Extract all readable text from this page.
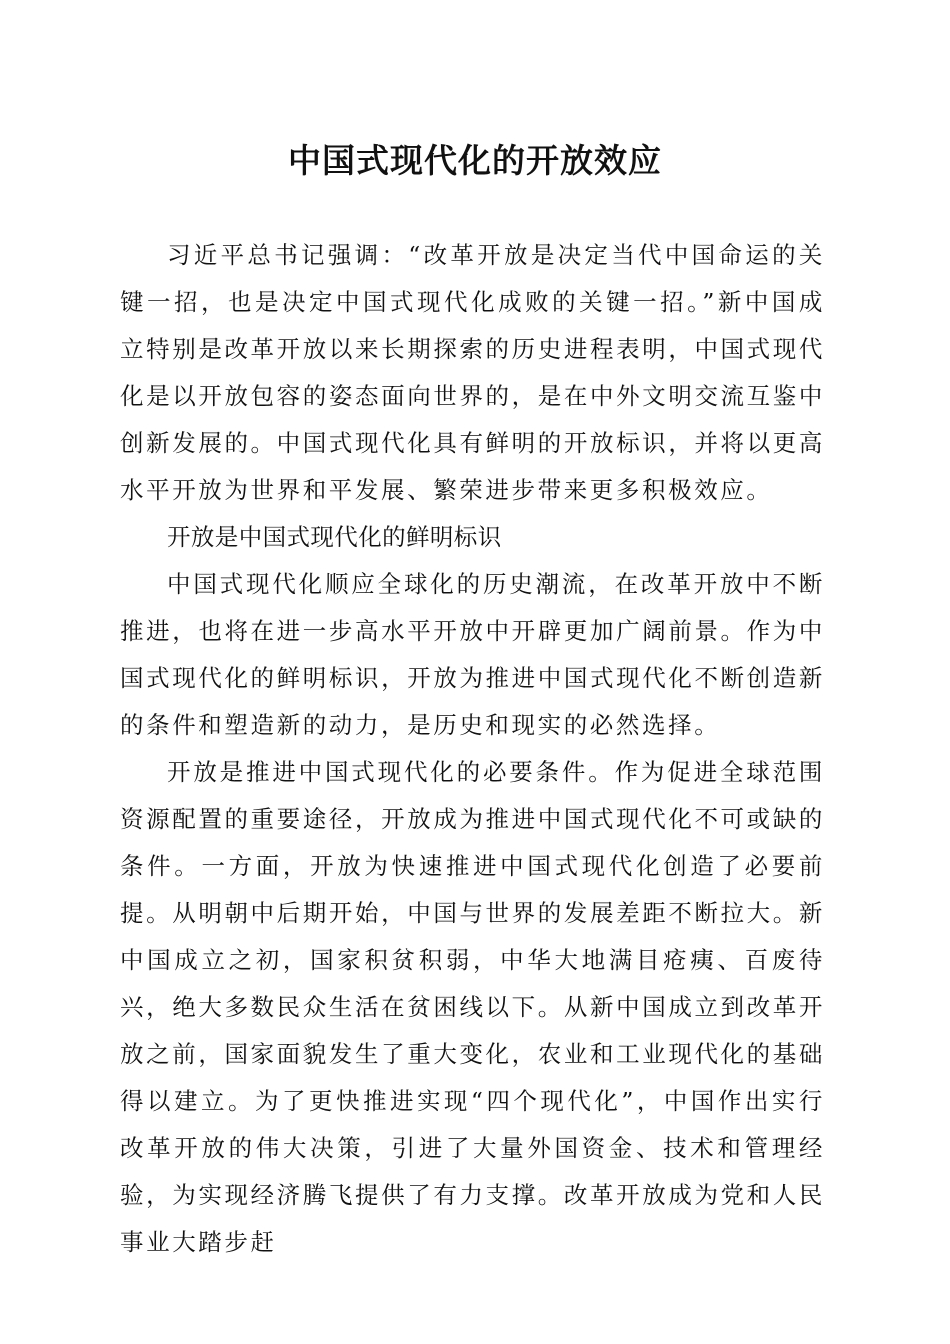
中国式现代化的开放效应

习近平总书记强调：“改革开放是决定当代中国命运的关键一招，也是决定中国式现代化成败的关键一招。”新中国成立特别是改革开放以来长期探索的历史进程表明，中国式现代化是以开放包容的姿态面向世界的，是在中外文明交流互鉴中创新发展的。中国式现代化具有鲜明的开放标识，并将以更高水平开放为世界和平发展、繁荣进步带来更多积极效应。

开放是中国式现代化的鲜明标识

中国式现代化顺应全球化的历史潮流，在改革开放中不断推进，也将在进一步高水平开放中开辟更加广阔前景。作为中国式现代化的鲜明标识，开放为推进中国式现代化不断创造新的条件和塑造新的动力，是历史和现实的必然选择。

开放是推进中国式现代化的必要条件。作为促进全球范围资源配置的重要途径，开放成为推进中国式现代化不可或缺的条件。一方面，开放为快速推进中国式现代化创造了必要前提。从明朝中后期开始，中国与世界的发展差距不断拉大。新中国成立之初，国家积贫积弱，中华大地满目疮痍、百废待兴，绝大多数民众生活在贫困线以下。从新中国成立到改革开放之前，国家面貌发生了重大变化，农业和工业现代化的基础得以建立。为了更快推进实现“四个现代化”，中国作出实行改革开放的伟大决策，引进了大量外国资金、技术和管理经验，为实现经济腾飞提供了有力支撑。改革开放成为党和人民事业大踏步赶
